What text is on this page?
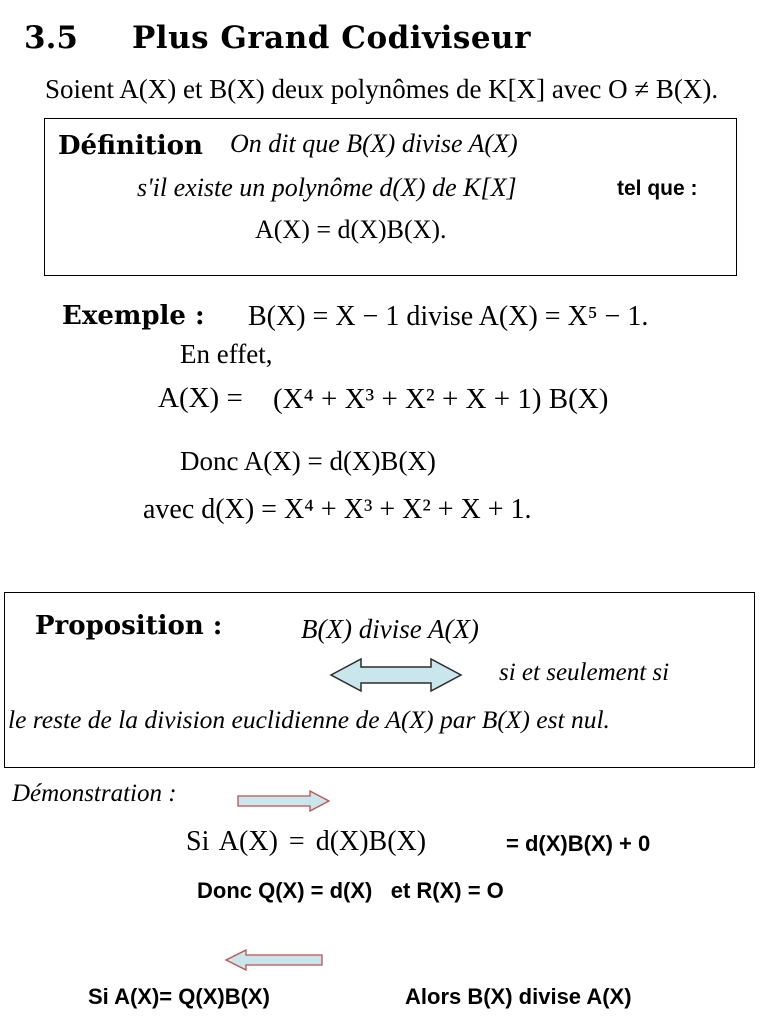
3.5 Plus Grand Codiviseur
Soient A(X) et B(X) deux polynômes de K[X] avec O ≠ B(X).
Définition On dit que B(X) divise A(X)
s'il existe un polynôme d(X) de K[X]	tel que :
A(X) = d(X)B(X).
Exemple : B(X) = X − 1 divise A(X) = X⁵ − 1.
En effet,
A(X) = (X⁴ + X³ + X² + X + 1) B(X)
Donc A(X) = d(X)B(X)
avec d(X) = X⁴ + X³ + X² + X + 1.
Proposition :	B(X) divise A(X)
si et seulement si
le reste de la division euclidienne de A(X) par B(X) est nul.
Démonstration :
Si A(X) = d(X)B(X)	= d(X)B(X) + 0
Donc Q(X) = d(X)   et R(X) = O
Si A(X)= Q(X)B(X)	Alors B(X) divise A(X)
